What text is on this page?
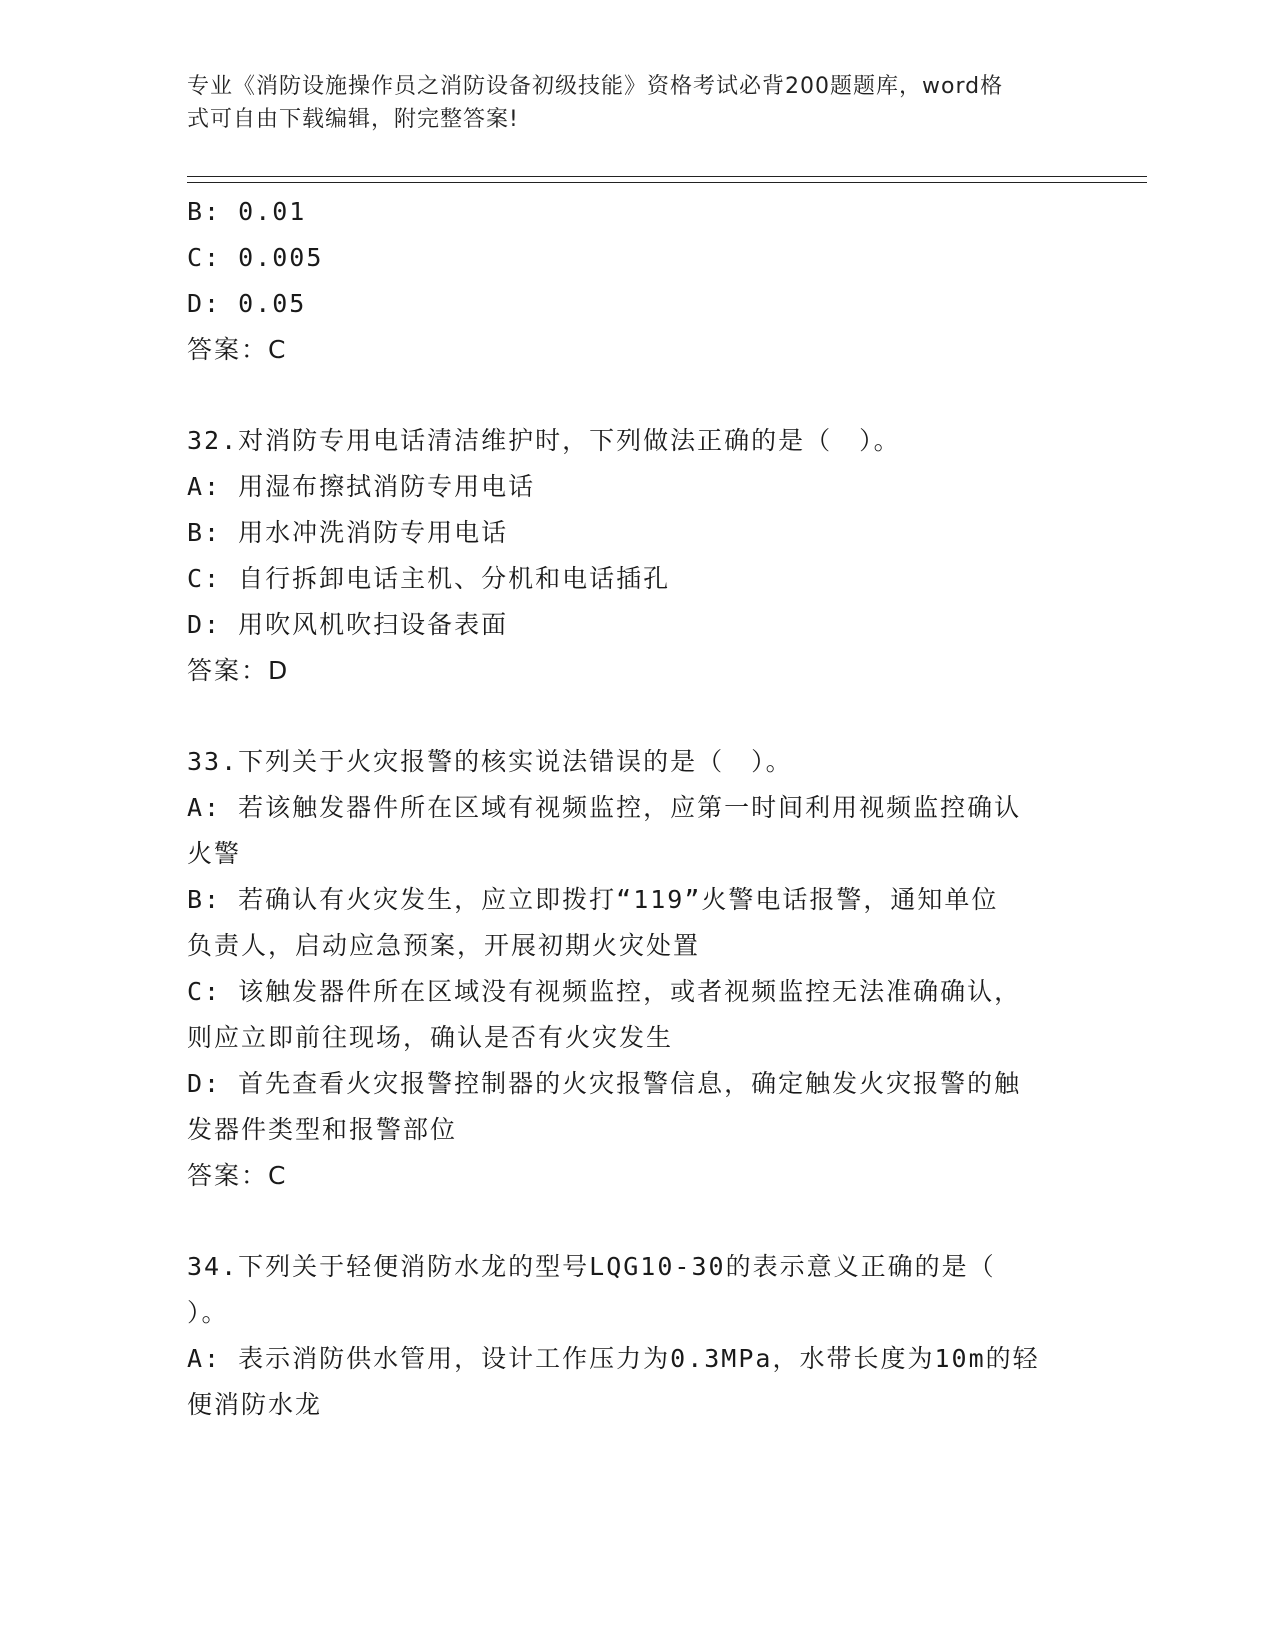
专业《消防设施操作员之消防设备初级技能》资格考试必背200题题库，word格
式可自由下载编辑，附完整答案!
B: 0.01
C: 0.005
D: 0.05
答案：C
32.对消防专用电话清洁维护时，下列做法正确的是（　）。
A: 用湿布擦拭消防专用电话
B: 用水冲洗消防专用电话
C: 自行拆卸电话主机、分机和电话插孔
D: 用吹风机吹扫设备表面
答案：D
33.下列关于火灾报警的核实说法错误的是（　）。
A: 若该触发器件所在区域有视频监控，应第一时间利用视频监控确认
火警
B: 若确认有火灾发生，应立即拨打“119”火警电话报警，通知单位
负责人，启动应急预案，开展初期火灾处置
C: 该触发器件所在区域没有视频监控，或者视频监控无法准确确认，
则应立即前往现场，确认是否有火灾发生
D: 首先查看火灾报警控制器的火灾报警信息，确定触发火灾报警的触
发器件类型和报警部位
答案：C
34.下列关于轻便消防水龙的型号LQG10-30的表示意义正确的是（
）。
A: 表示消防供水管用，设计工作压力为0.3MPa，水带长度为10m的轻
便消防水龙
